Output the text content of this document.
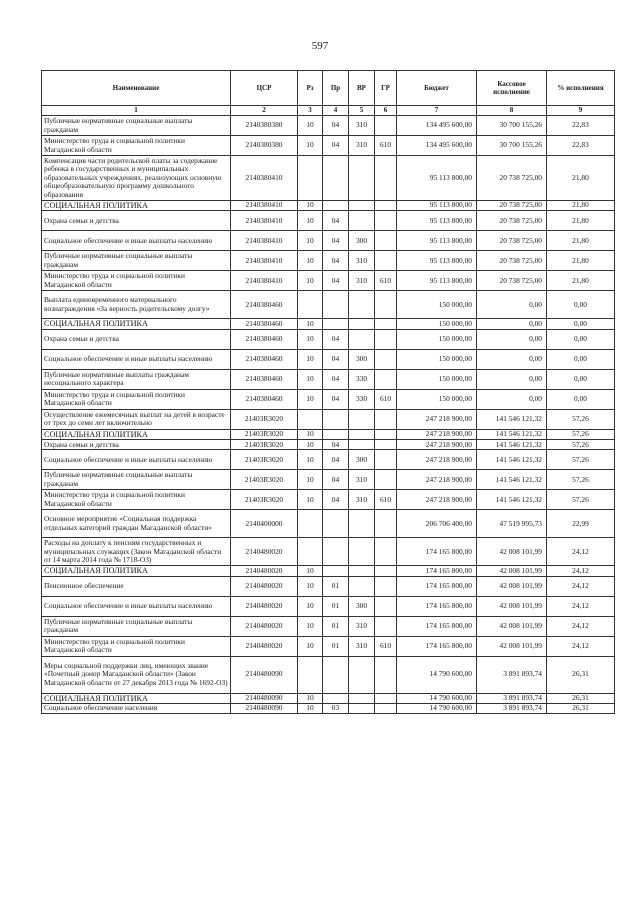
597
Наименование	ЦСР	Рз	Пр	ВР	ГР	Бюджет	Кассовое исполнение	% исполнения
1	2	3	4	5	6	7	8	9
Публичные нормативные социальные выплаты гражданам	2140380380	10	04	310		134 495 600,00	30 700 155,26	22,83
Министерство труда и социальной политики Магаданской области	2140380380	10	04	310	610	134 495 600,00	30 700 155,26	22,83
Компенсация части родительской платы за содержание ребенка в государственных и муниципальных образовательных учреждениях, реализующих основную общеобразовательную программу дошкольного образования	2140380410					95 113 800,00	20 738 725,00	21,80
СОЦИАЛЬНАЯ ПОЛИТИКА	2140380410	10				95 113 800,00	20 738 725,00	21,80
Охрана семьи и детства	2140380410	10	04			95 113 800,00	20 738 725,00	21,80
Социальное обеспечение и иные выплаты населению	2140380410	10	04	300		95 113 800,00	20 738 725,00	21,80
Публичные нормативные социальные выплаты гражданам	2140380410	10	04	310		95 113 800,00	20 738 725,00	21,80
Министерство труда и социальной политики Магаданской области	2140380410	10	04	310	610	95 113 800,00	20 738 725,00	21,80
Выплата единовременного материального вознаграждения «За верность родительскому долгу»	2140380460					150 000,00	0,00	0,00
СОЦИАЛЬНАЯ ПОЛИТИКА	2140380460	10				150 000,00	0,00	0,00
Охрана семьи и детства	2140380460	10	04			150 000,00	0,00	0,00
Социальное обеспечение и иные выплаты населению	2140380460	10	04	300		150 000,00	0,00	0,00
Публичные нормативные выплаты гражданам несоциального характера	2140380460	10	04	330		150 000,00	0,00	0,00
Министерство труда и социальной политики Магаданской области	2140380460	10	04	330	610	150 000,00	0,00	0,00
Осуществление ежемесячных выплат на детей в возрасте от трех до семи лет включительно	21403R3020					247 218 900,00	141 546 121,32	57,26
СОЦИАЛЬНАЯ ПОЛИТИКА	21403R3020	10				247 218 900,00	141 546 121,32	57,26
Охрана семьи и детства	21403R3020	10	04			247 218 900,00	141 546 121,32	57,26
Социальное обеспечение и иные выплаты населению	21403R3020	10	04	300		247 218 900,00	141 546 121,32	57,26
Публичные нормативные социальные выплаты гражданам	21403R3020	10	04	310		247 218 900,00	141 546 121,32	57,26
Министерство труда и социальной политики Магаданской области	21403R3020	10	04	310	610	247 218 900,00	141 546 121,32	57,26
Основное мероприятие «Социальная поддержка отдельных категорий граждан Магаданской области»	2140400000					206 706 400,00	47 519 995,73	22,99
Расходы на доплату к пенсиям государственных и муниципальных служащих (Закон Магаданской области от 14 марта 2014 года № 1718-ОЗ)	2140480020					174 165 800,00	42 008 101,99	24,12
СОЦИАЛЬНАЯ ПОЛИТИКА	2140480020	10				174 165 800,00	42 008 101,99	24,12
Пенсионное обеспечение	2140480020	10	01			174 165 800,00	42 008 101,99	24,12
Социальное обеспечение и иные выплаты населению	2140480020	10	01	300		174 165 800,00	42 008 101,99	24,12
Публичные нормативные социальные выплаты гражданам	2140480020	10	01	310		174 165 800,00	42 008 101,99	24,12
Министерство труда и социальной политики Магаданской области	2140480020	10	01	310	610	174 165 800,00	42 008 101,99	24,12
Меры социальной поддержки лиц, имеющих звание «Почетный донор Магаданской области» (Закон Магаданской области от 27 декабря 2013 года № 1692-ОЗ)	2140480090					14 790 600,00	3 891 893,74	26,31
СОЦИАЛЬНАЯ ПОЛИТИКА	2140480090	10				14 790 600,00	3 891 893,74	26,31
Социальное обеспечение населения	2140480090	10	03			14 790 600,00	3 891 893,74	26,31
